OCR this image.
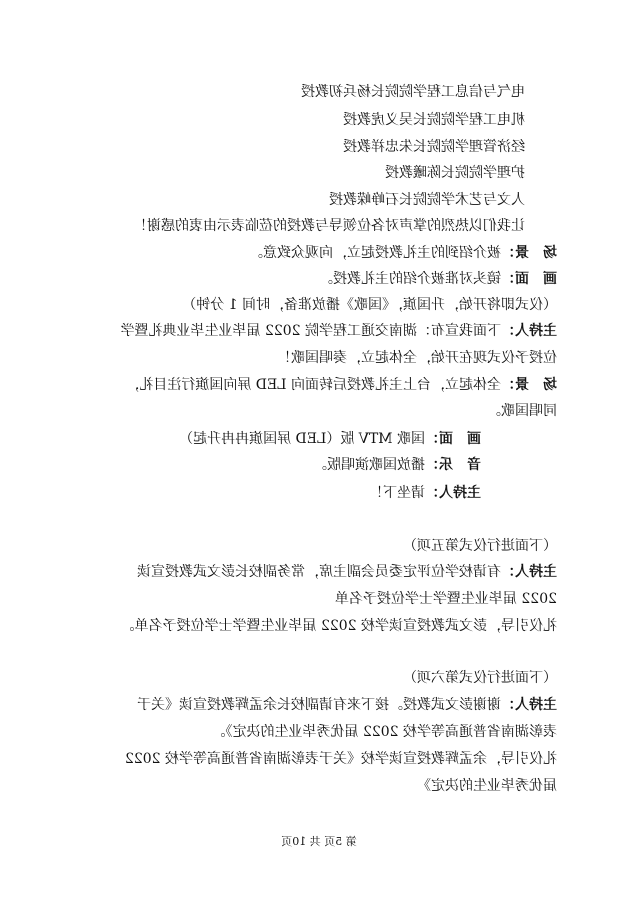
电气与信息工程学院院长杨兵初教授
机电工程学院院长吴义虎教授
经济管理学院院长朱忠祥教授
护理学院院长陈曦教授
人文与艺术学院院长石峥嵘教授
让我们以热烈的掌声对各位领导与教授的莅临表示由衷的感谢！
场　景：被介绍到的主礼教授起立，向观众致意。
画　面：镜头对准被介绍的主礼教授。
（仪式即将开始，升国旗，《国歌》播放准备，时间 1 分钟）
主持人：下面我宣布：湖南交通工程学院 2022 届毕业生毕业典礼暨学
位授予仪式现在开始，全体起立，奏唱国歌！
场　景：全体起立，台上主礼教授后转面向 LED 屏向国旗行注目礼，
同唱国歌。
画　面：国歌 MTV 版（LED 屏国旗冉冉升起）
音　乐：播放国歌演唱版。
主持人：请坐下！
（下面进行仪式第五项）
主持人：有请校学位评定委员会副主席，常务副校长彭文武教授宣读
2022 届毕业生暨学士学位授予名单
礼仪引导，彭文武教授宣读学校 2022 届毕业生暨学士学位授予名单。
（下面进行仪式第六项）
主持人：谢谢彭文武教授。接下来有请副校长余孟辉教授宣读《关于
表彰湖南省普通高等学校 2022 届优秀毕业生的决定》。
礼仪引导，余孟辉教授宣读学校《关于表彰湖南省普通高等学校 2022
届优秀毕业生的决定》
第 5页 共 10页
